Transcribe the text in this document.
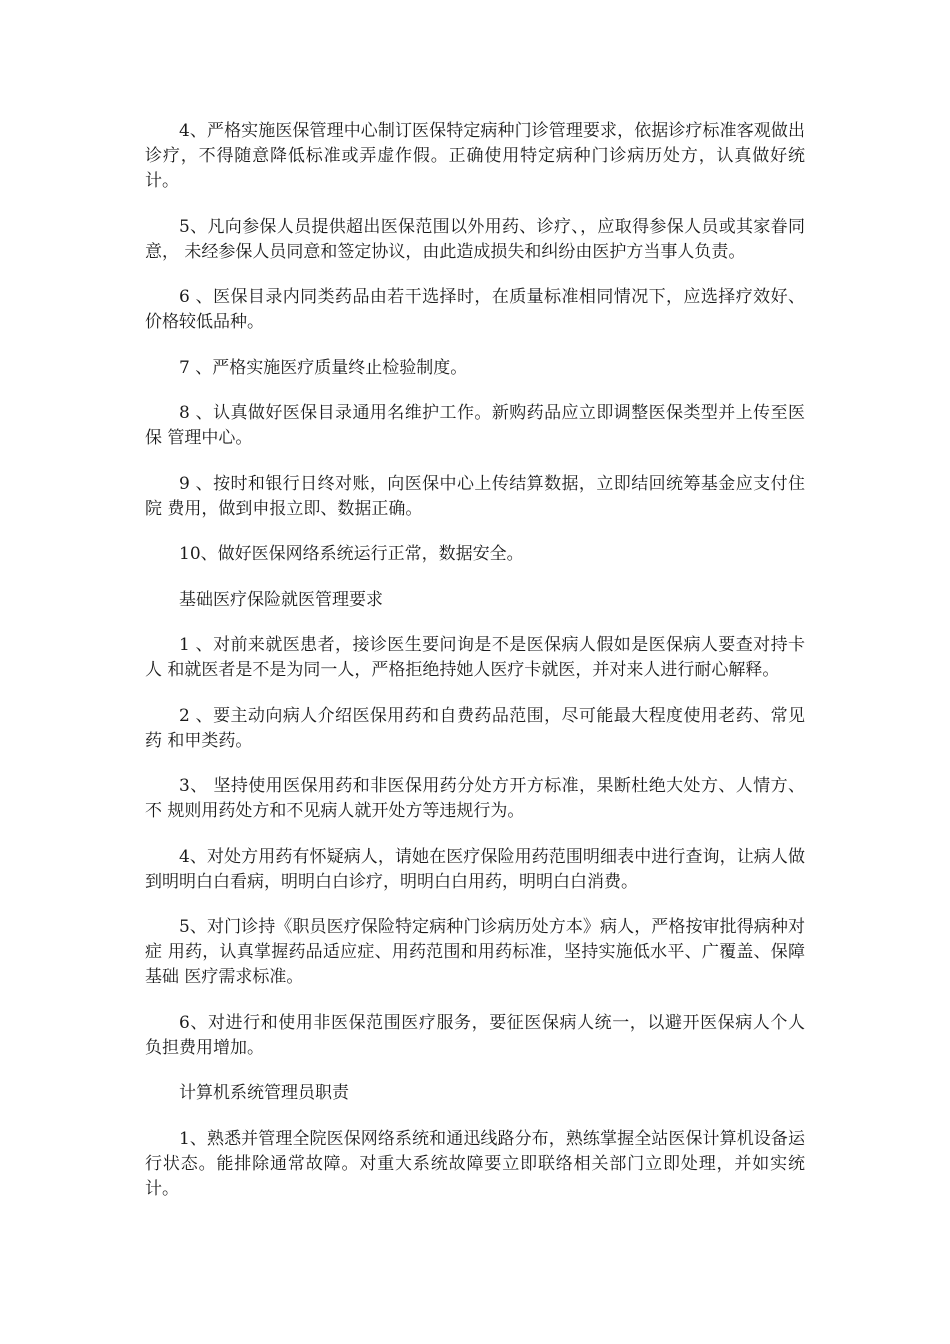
4、严格实施医保管理中心制订医保特定病种门诊管理要求，依据诊疗标准客观做出 诊疗，不得随意降低标准或弄虚作假。正确使用特定病种门诊病历处方，认真做好统计。

5、凡向参保人员提供超出医保范围以外用药、诊疗、，应取得参保人员或其家眷同意， 未经参保人员同意和签定协议，由此造成损失和纠纷由医护方当事人负责。

6 、医保目录内同类药品由若干选择时，在质量标准相同情况下，应选择疗效好、 价格较低品种。

7 、严格实施医疗质量终止检验制度。

8 、认真做好医保目录通用名维护工作。新购药品应立即调整医保类型并上传至医保 管理中心。

9 、按时和银行日终对账，向医保中心上传结算数据，立即结回统筹基金应支付住院 费用，做到申报立即、数据正确。

10、做好医保网络系统运行正常，数据安全。

基础医疗保险就医管理要求

1 、对前来就医患者，接诊医生要问询是不是医保病人假如是医保病人要查对持卡人 和就医者是不是为同一人，严格拒绝持她人医疗卡就医，并对来人进行耐心解释。

2 、要主动向病人介绍医保用药和自费药品范围，尽可能最大程度使用老药、常见药 和甲类药。

3、 坚持使用医保用药和非医保用药分处方开方标准，果断杜绝大处方、人情方、不 规则用药处方和不见病人就开处方等违规行为。

4、对处方用药有怀疑病人，请她在医疗保险用药范围明细表中进行查询，让病人做到明明白白看病，明明白白诊疗，明明白白用药，明明白白消费。

5、对门诊持《职员医疗保险特定病种门诊病历处方本》病人，严格按审批得病种对症 用药，认真掌握药品适应症、用药范围和用药标准，坚持实施低水平、广覆盖、保障基础 医疗需求标准。

6、对进行和使用非医保范围医疗服务，要征医保病人统一，以避开医保病人个人 负担费用增加。

计算机系统管理员职责

1、熟悉并管理全院医保网络系统和通迅线路分布，熟练掌握全站医保计算机设备运 行状态。能排除通常故障。对重大系统故障要立即联络相关部门立即处理，并如实统计。
